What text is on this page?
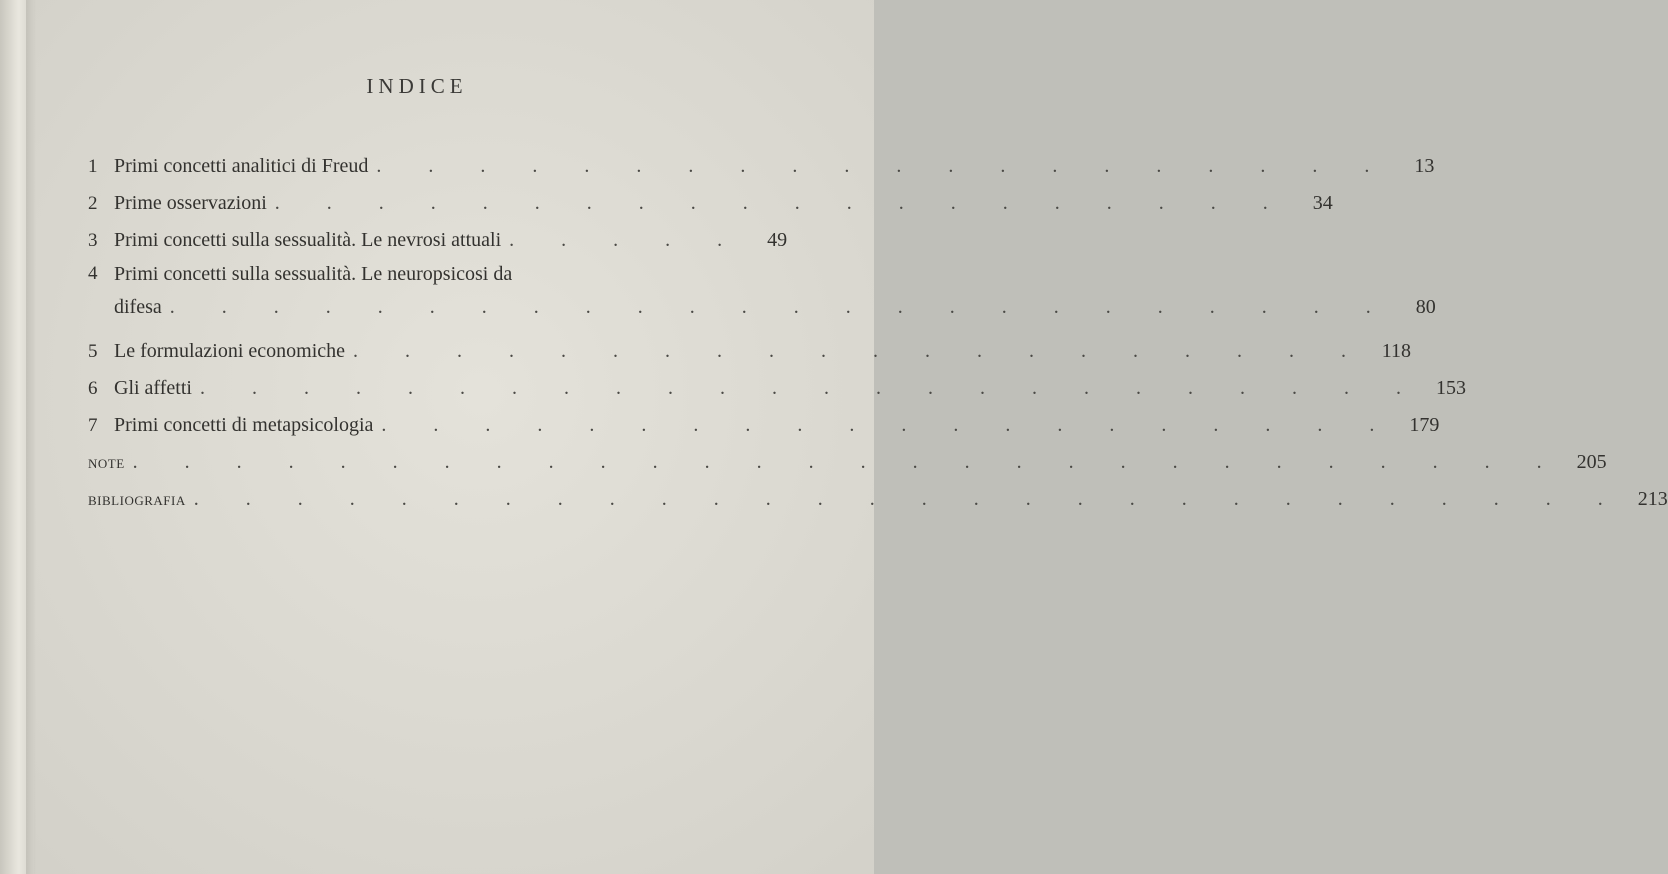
INDICE
1 Primi concetti analitici di Freud . . . . . . . . . . . . . . . . . . . .	13
2 Prime osservazioni . . . . . . . . . . . . . . . . . . . .	34
3 Primi concetti sulla sessualità. Le nevrosi attuali . . . . .	49
4 Primi concetti sulla sessualità. Le neuropsicosi da
difesa . . . . . . . . . . . . . . . . . . . . . . . .	80
5 Le formulazioni economiche . . . . . . . . . . . . . . . . . . . . 118
6 Gli affetti . . . . . . . . . . . . . . . . . . . . . . . . 153
7 Primi concetti di metapsicologia . . . . . . . . . . . . . . . . . . . . 179
NOTE . . . . . . . . . . . . . . . . . . . . . . . . . . . . 205
BIBLIOGRAFIA . . . . . . . . . . . . . . . . . . . . . . . . . . . . 213
